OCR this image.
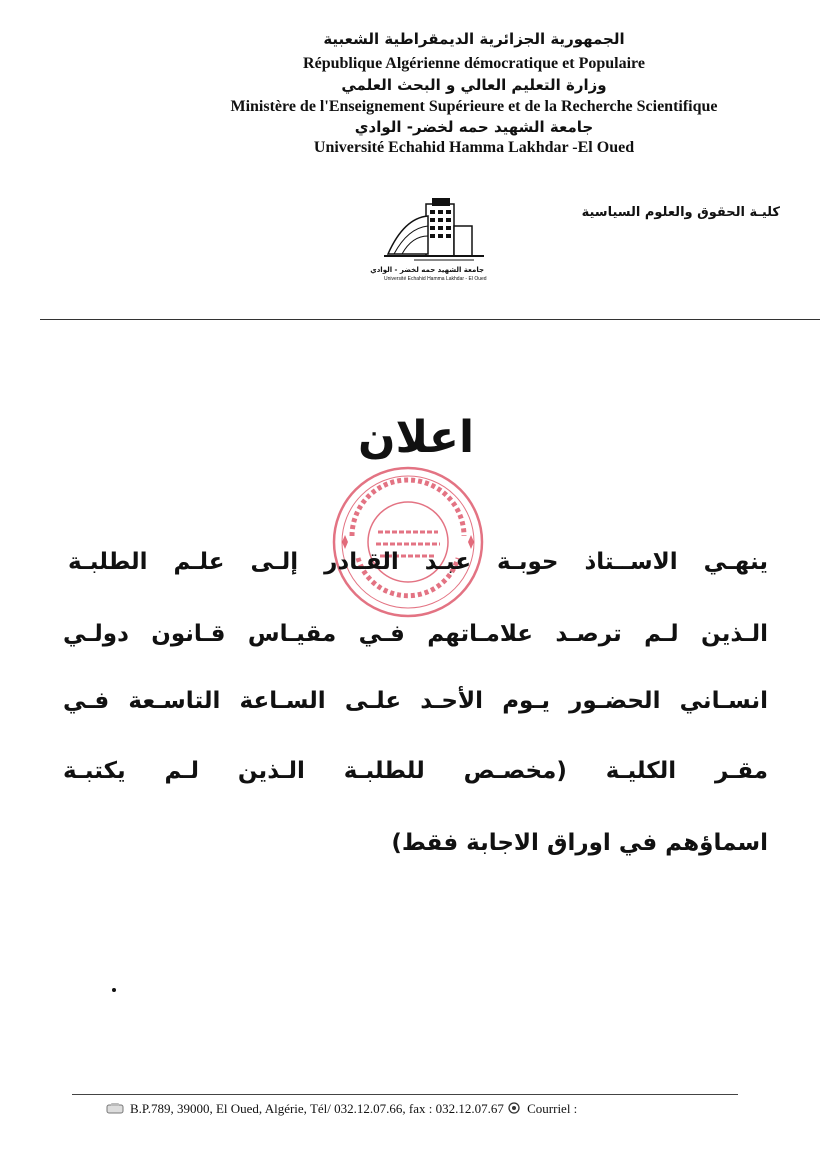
الجمهورية الجزائرية الديمقراطية الشعبية
République Algérienne démocratique et Populaire
وزارة التعليم العالي و البحث العلمي
Ministère de l'Enseignement Supérieure et de la Recherche Scientifique
جامعة الشهيد حمه لخضر- الوادي
Université Echahid Hamma Lakhdar -El Oued
كليـة الحقوق والعلوم السياسية
جامعة الشهيد حمه لخضر - الوادي
Université Echahid Hamma Lakhdar - El Oued
اعلان
ينهـي الاســتاذ حوبـة عبـد القـادر إلـى علـم الطلبـة
الـذين لـم ترصـد علامـاتهم فـي مقيـاس قـانون دولـي
انسـاني الحضـور يـوم الأحـد علـى السـاعة التاسـعة فـي
مقـر الكليـة (مخصـص للطلبـة الـذين لـم يكتبـة
اسماؤهم في اوراق الاجابة فقط)
B.P.789, 39000, El Oued, Algérie, Tél/ 032.12.07.66, fax : 032.12.07.67 Courriel :
